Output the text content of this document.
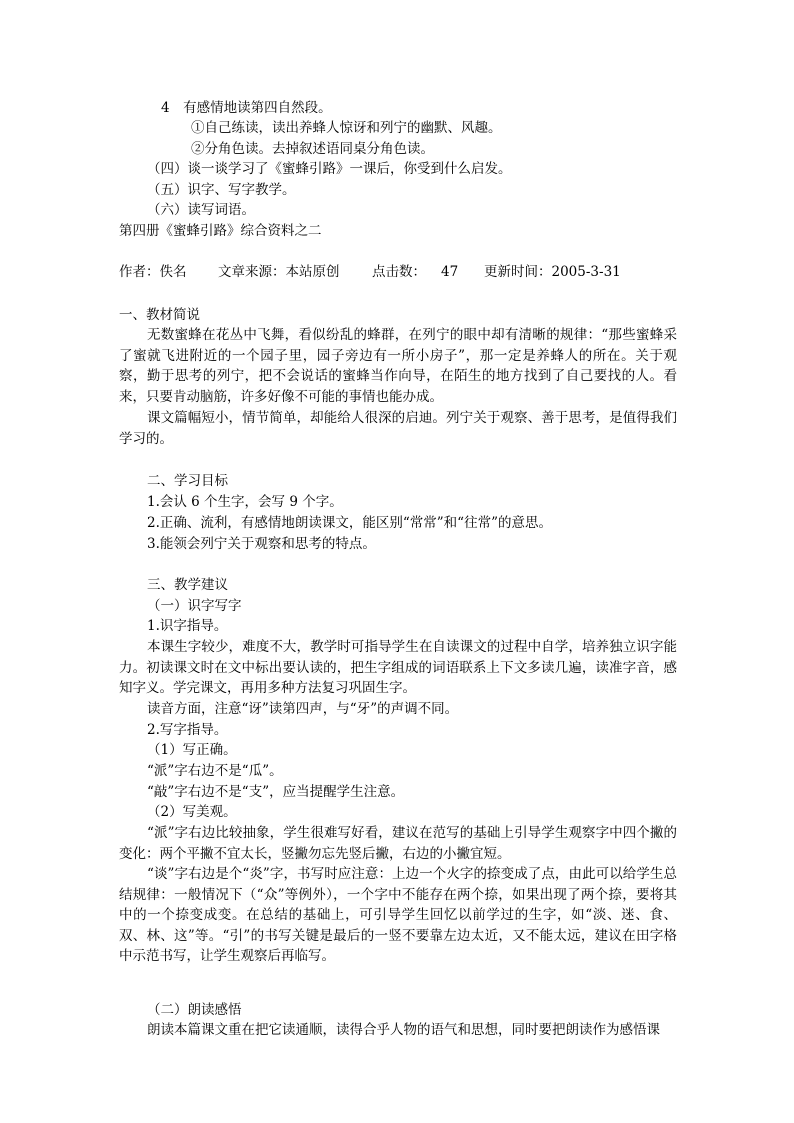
4　有感情地读第四自然段。
①自己练读，读出养蜂人惊讶和列宁的幽默、风趣。
②分角色读。去掉叙述语同桌分角色读。
（四）谈一谈学习了《蜜蜂引路》一课后，你受到什么启发。
（五）识字、写字教学。
（六）读写词语。
第四册《蜜蜂引路》综合资料之二
作者：佚名 文章来源：本站原创 点击数： 47 更新时间：2005-3-31
一、教材简说
无数蜜蜂在花丛中飞舞，看似纷乱的蜂群，在列宁的眼中却有清晰的规律：“那些蜜蜂采了蜜就飞进附近的一个园子里，园子旁边有一所小房子”，那一定是养蜂人的所在。关于观察，勤于思考的列宁，把不会说话的蜜蜂当作向导，在陌生的地方找到了自己要找的人。看来，只要肯动脑筋，许多好像不可能的事情也能办成。
课文篇幅短小，情节简单，却能给人很深的启迪。列宁关于观察、善于思考，是值得我们学习的。
二、学习目标
1.会认 6 个生字，会写 9 个字。
2.正确、流利，有感情地朗读课文，能区别“常常”和“往常”的意思。
3.能领会列宁关于观察和思考的特点。
三、教学建议
（一）识字写字
1.识字指导。
本课生字较少，难度不大，教学时可指导学生在自读课文的过程中自学，培养独立识字能力。初读课文时在文中标出要认读的，把生字组成的词语联系上下文多读几遍，读准字音，感知字义。学完课文，再用多种方法复习巩固生字。
读音方面，注意“讶”读第四声，与“牙”的声调不同。
2.写字指导。
（1）写正确。
“派”字右边不是“瓜”。
“敲”字右边不是“支”，应当提醒学生注意。
（2）写美观。
“派”字右边比较抽象，学生很难写好看，建议在范写的基础上引导学生观察字中四个撇的变化：两个平撇不宜太长，竖撇勿忘先竖后撇，右边的小撇宜短。
“谈”字右边是个“炎”字，书写时应注意：上边一个火字的捺变成了点，由此可以给学生总结规律：一般情况下（“众”等例外），一个字中不能存在两个捺，如果出现了两个捺，要将其中的一个捺变成变。在总结的基础上，可引导学生回忆以前学过的生字，如“淡、迷、食、双、林、这”等。“引”的书写关键是最后的一竖不要靠左边太近，又不能太远，建议在田字格中示范书写，让学生观察后再临写。
（二）朗读感悟
朗读本篇课文重在把它读通顺，读得合乎人物的语气和思想，同时要把朗读作为感悟课
